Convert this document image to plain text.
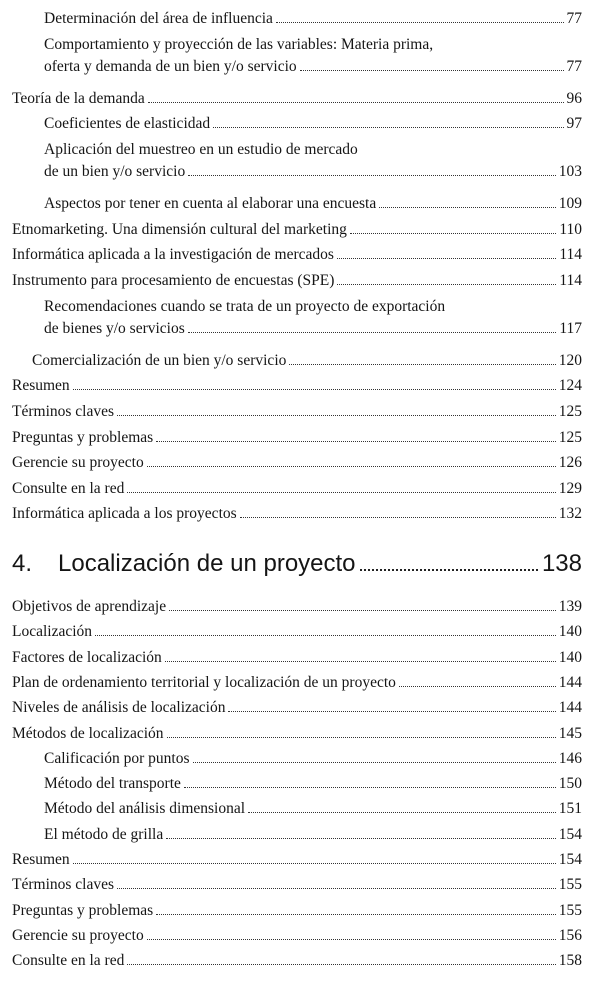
Determinación del área de influencia	77
Comportamiento y proyección de las variables: Materia prima,
oferta y demanda de un bien y/o servicio	77
Teoría de la demanda	96
Coeficientes de elasticidad	97
Aplicación del muestreo en un estudio de mercado
de un bien y/o servicio	103
Aspectos por tener en cuenta al elaborar una encuesta	109
Etnomarketing. Una dimensión cultural del marketing	110
Informática aplicada a la investigación de mercados	114
Instrumento para procesamiento de encuestas (SPE)	114
Recomendaciones cuando se trata de un proyecto de exportación
de bienes y/o servicios	117
Comercialización de un bien y/o servicio	120
Resumen	124
Términos claves	125
Preguntas y problemas	125
Gerencie su proyecto	126
Consulte en la red	129
Informática aplicada a los proyectos	132
4.	Localización de un proyecto	138
Objetivos de aprendizaje	139
Localización	140
Factores de localización	140
Plan de ordenamiento territorial y localización de un proyecto	144
Niveles de análisis de localización	144
Métodos de localización	145
Calificación por puntos	146
Método del transporte	150
Método del análisis dimensional	151
El método de grilla	154
Resumen	154
Términos claves	155
Preguntas y problemas	155
Gerencie su proyecto	156
Consulte en la red	158
